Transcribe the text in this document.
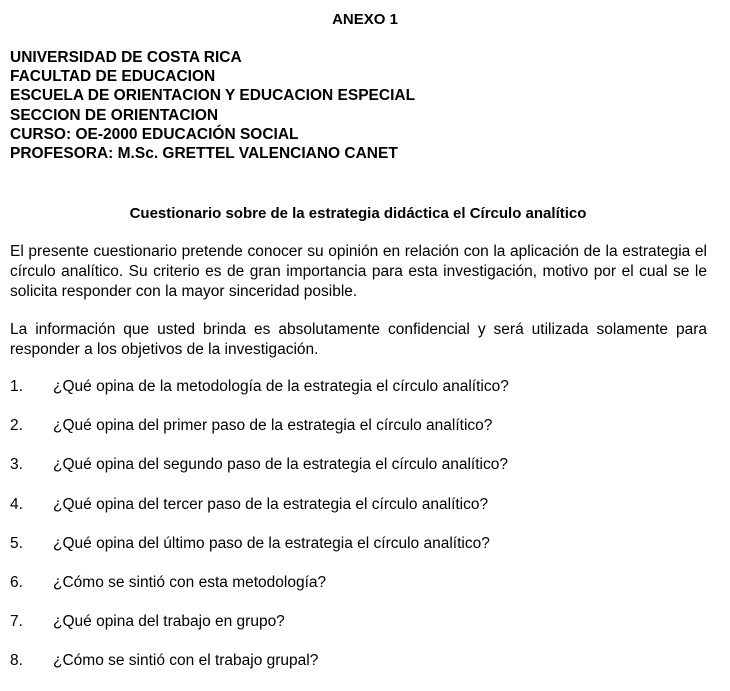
ANEXO 1
UNIVERSIDAD DE COSTA RICA
FACULTAD DE EDUCACION
ESCUELA DE ORIENTACION Y EDUCACION ESPECIAL
SECCION DE ORIENTACION
CURSO: OE-2000 EDUCACIÓN SOCIAL
PROFESORA: M.Sc. GRETTEL VALENCIANO CANET
Cuestionario sobre de la estrategia didáctica el Círculo analítico
El presente cuestionario pretende conocer su opinión en relación con la aplicación de la estrategia el círculo analítico. Su criterio es de gran importancia para esta investigación, motivo por el cual se le solicita responder con la mayor sinceridad posible.
La información que usted brinda es absolutamente confidencial y será utilizada solamente para responder a los objetivos de la investigación.
1. ¿Qué opina de la metodología de la estrategia el círculo analítico?
2. ¿Qué opina del primer paso de la estrategia el círculo analítico?
3. ¿Qué opina del segundo paso de la estrategia el círculo analítico?
4. ¿Qué opina del tercer paso de la estrategia el círculo analítico?
5. ¿Qué opina del último paso de la estrategia el círculo analítico?
6. ¿Cómo se sintió con esta metodología?
7. ¿Qué opina del trabajo en grupo?
8. ¿Cómo se sintió con el trabajo grupal?
